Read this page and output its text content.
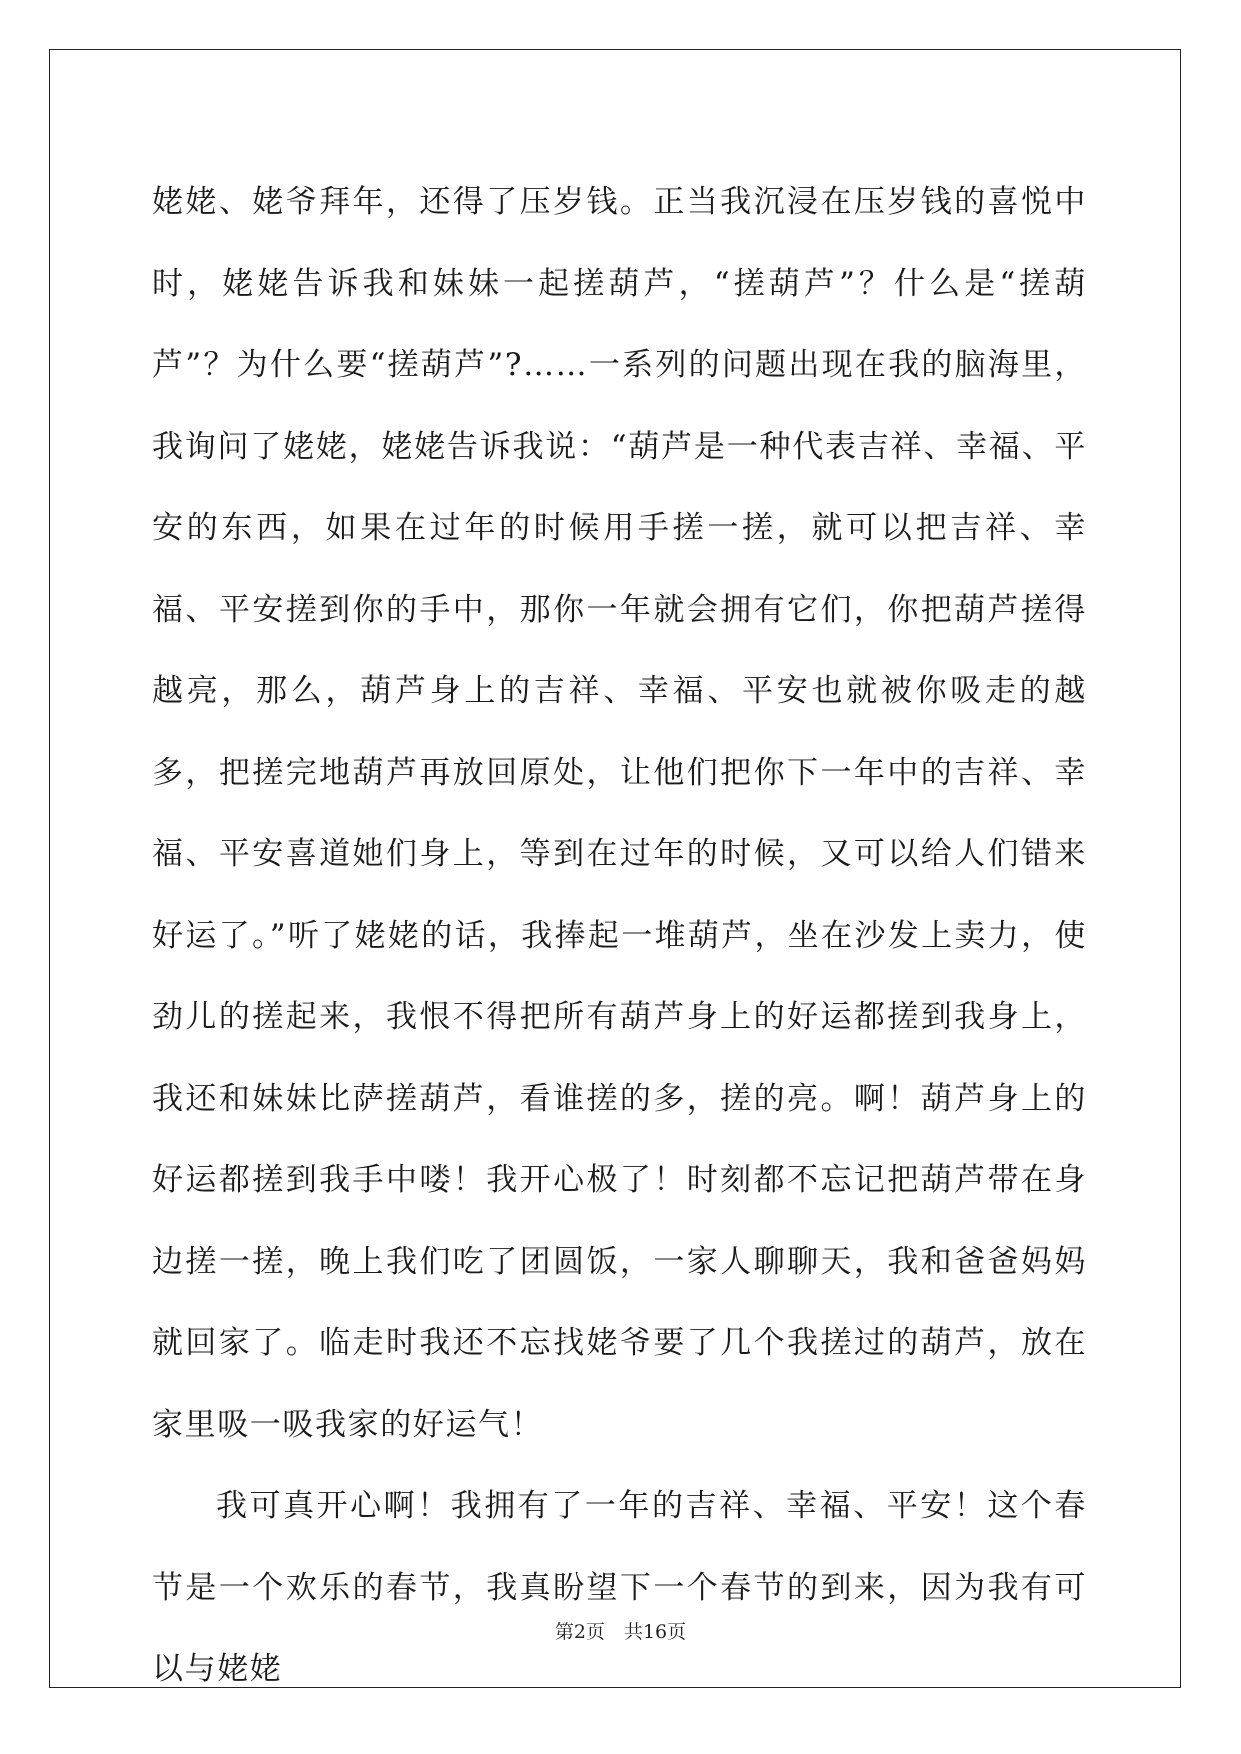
姥姥、姥爷拜年，还得了压岁钱。正当我沉浸在压岁钱的喜悦中时，姥姥告诉我和妹妹一起搓葫芦，“搓葫芦”？什么是“搓葫芦”？为什么要“搓葫芦”?……一系列的问题出现在我的脑海里，我询问了姥姥，姥姥告诉我说：“葫芦是一种代表吉祥、幸福、平安的东西，如果在过年的时候用手搓一搓，就可以把吉祥、幸福、平安搓到你的手中，那你一年就会拥有它们，你把葫芦搓得越亮，那么，葫芦身上的吉祥、幸福、平安也就被你吸走的越多，把搓完地葫芦再放回原处，让他们把你下一年中的吉祥、幸福、平安喜道她们身上，等到在过年的时候，又可以给人们错来好运了。”听了姥姥的话，我捧起一堆葫芦，坐在沙发上卖力，使劲儿的搓起来，我恨不得把所有葫芦身上的好运都搓到我身上，我还和妹妹比萨搓葫芦，看谁搓的多，搓的亮。啊！葫芦身上的好运都搓到我手中喽！我开心极了！时刻都不忘记把葫芦带在身边搓一搓，晚上我们吃了团圆饭，一家人聊聊天，我和爸爸妈妈就回家了。临走时我还不忘找姥爷要了几个我搓过的葫芦，放在家里吸一吸我家的好运气！

我可真开心啊！我拥有了一年的吉祥、幸福、平安！这个春节是一个欢乐的春节，我真盼望下一个春节的到来，因为我有可以与姥姥

第2页　共16页
